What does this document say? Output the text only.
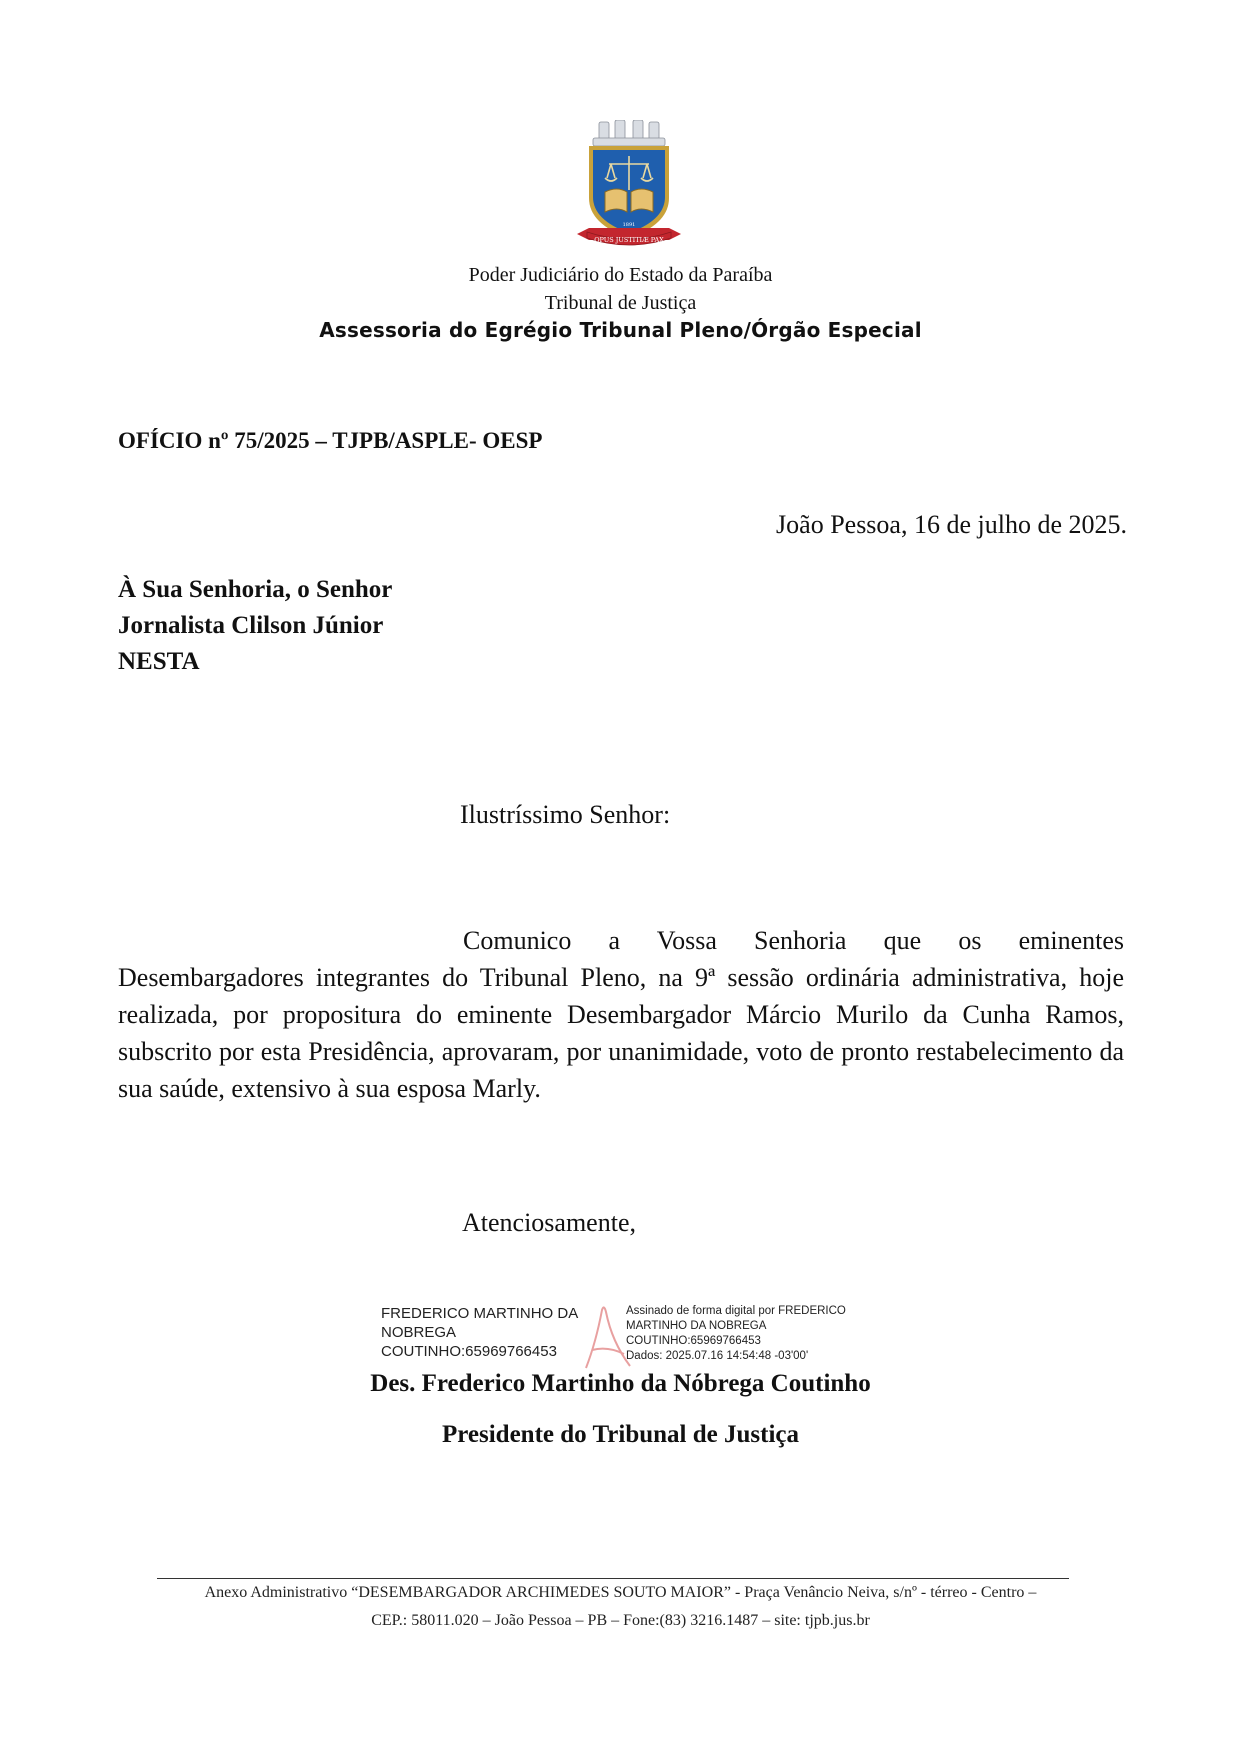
OPUS JUSTITIÆ PAX
1891
Poder Judiciário do Estado da Paraíba
Tribunal de Justiça
Assessoria do Egrégio Tribunal Pleno/Órgão Especial
OFÍCIO nº 75/2025 – TJPB/ASPLE- OESP
João Pessoa, 16 de julho de 2025.
À Sua Senhoria, o Senhor
Jornalista Clilson Júnior
NESTA
Ilustríssimo Senhor:

Comunico a Vossa Senhoria que os eminentes Desembargadores integrantes do Tribunal Pleno, na 9ª sessão ordinária administrativa, hoje realizada, por propositura do eminente Desembargador Márcio Murilo da Cunha Ramos, subscrito por esta Presidência, aprovaram, por unanimidade, voto de pronto restabelecimento da sua saúde, extensivo à sua esposa Marly.

Atenciosamente,
FREDERICO MARTINHO DA
NOBREGA
COUTINHO:65969766453
Assinado de forma digital por FREDERICO
MARTINHO DA NOBREGA
COUTINHO:65969766453
Dados: 2025.07.16 14:54:48 -03'00'
Des. Frederico Martinho da Nóbrega Coutinho
Presidente do Tribunal de Justiça
Anexo Administrativo “DESEMBARGADOR ARCHIMEDES SOUTO MAIOR” - Praça Venâncio Neiva, s/nº - térreo - Centro –
CEP.: 58011.020 – João Pessoa – PB – Fone:(83) 3216.1487 – site: tjpb.jus.br
